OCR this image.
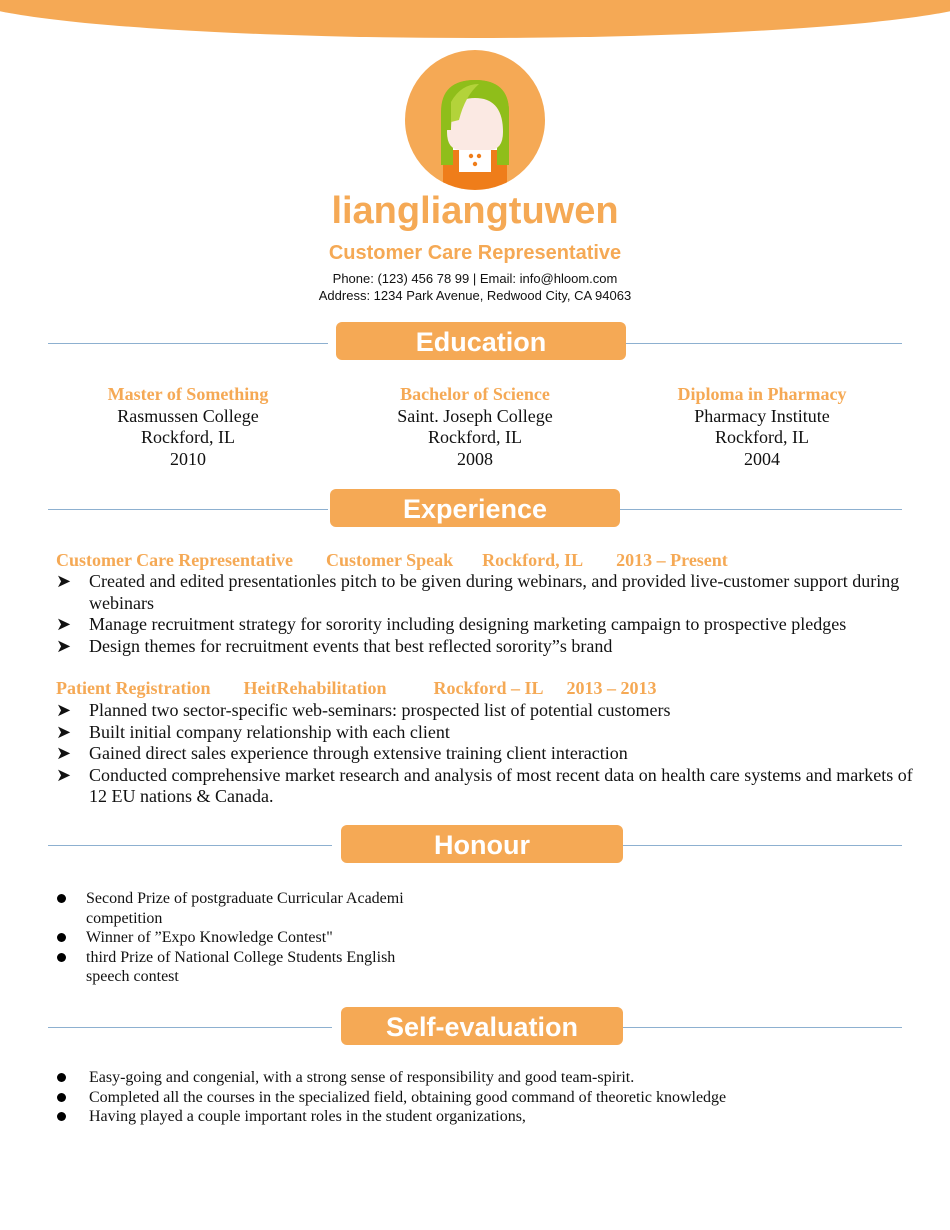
liangliangtuwen
Customer Care Representative
Phone: (123) 456 78 99 | Email: info@hloom.com
Address: 1234 Park Avenue, Redwood City, CA 94063
Education
Master of Something
Rasmussen College
Rockford, IL
2010
Bachelor of Science
Saint. Joseph College
Rockford, IL
2008
Diploma in Pharmacy
Pharmacy Institute
Rockford, IL
2004
Experience
Customer Care Representative Customer Speak Rockford, IL 2013 – Present
➤ Created and edited presentationles pitch to be given during webinars, and provided live-customer support during webinars
➤ Manage recruitment strategy for sorority including designing marketing campaign to prospective pledges
➤ Design themes for recruitment events that best reflected sorority”s brand
Patient Registration HeitRehabilitation	Rockford – IL 2013 – 2013
➤ Planned two sector-specific web-seminars: prospected list of potential customers
➤ Built initial company relationship with each client
➤ Gained direct sales experience through extensive training client interaction
➤ Conducted comprehensive market research and analysis of most recent data on health care systems and markets of 12 EU nations & Canada.
Honour
Second Prize of postgraduate Curricular Academi competition
Winner of ”Expo Knowledge Contest"
third Prize of National College Students English speech contest
Self-evaluation
Easy-going and congenial, with a strong sense of responsibility and good team-spirit.
Completed all the courses in the specialized field, obtaining good command of theoretic knowledge
Having played a couple important roles in the student organizations,
